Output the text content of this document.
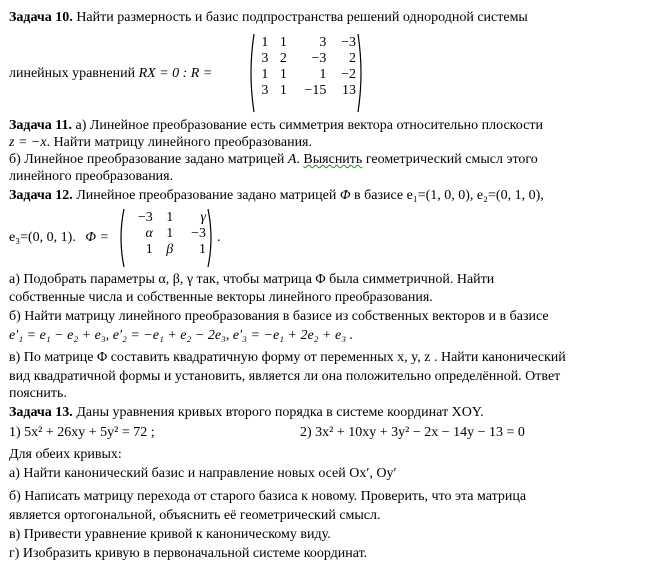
Задача 10. Найти размерность и базис подпространства решений однородной системы
линейных уравнений RX = 0 : R =
1	1	3	−3
3	2	−3	2
1	1	1	−2
3	1	−15	13
Задача 11. а) Линейное преобразование есть симметрия вектора относительно плоскости
z = −x. Найти матрицу линейного преобразования.
б) Линейное преобразование задано матрицей A. Выяснить геометрический смысл этого
линейного преобразования.
Задача 12. Линейное преобразование задано матрицей Φ в базисе e₁=(1, 0, 0), e₂=(0, 1, 0),
e₃=(0, 0, 1). Φ =
−3	1	γ
α	1	−3
1	β	1
.
а) Подобрать параметры α, β, γ так, чтобы матрица Φ была симметричной. Найти
собственные числа и собственные векторы линейного преобразования.
б) Найти матрицу линейного преобразования в базисе из собственных векторов и в базисе
e′₁ = e₁ − e₂ + e₃, e′₂ = −e₁ + e₂ − 2e₃, e′₃ = −e₁ + 2e₂ + e₃ .
в) По матрице Φ составить квадратичную форму от переменных x, y, z . Найти канонический
вид квадратичной формы и установить, является ли она положительно определённой. Ответ
пояснить.
Задача 13. Даны уравнения кривых второго порядка в системе координат XOY.
1) 5x² + 26xy + 5y² = 72 ;	2) 3x² + 10xy + 3y² − 2x − 14y − 13 = 0
Для обеих кривых:
а) Найти канонический базис и направление новых осей Ox′, Oy′
б) Написать матрицу перехода от старого базиса к новому. Проверить, что эта матрица
является ортогональной, объяснить её геометрический смысл.
в) Привести уравнение кривой к каноническому виду.
г) Изобразить кривую в первоначальной системе координат.
